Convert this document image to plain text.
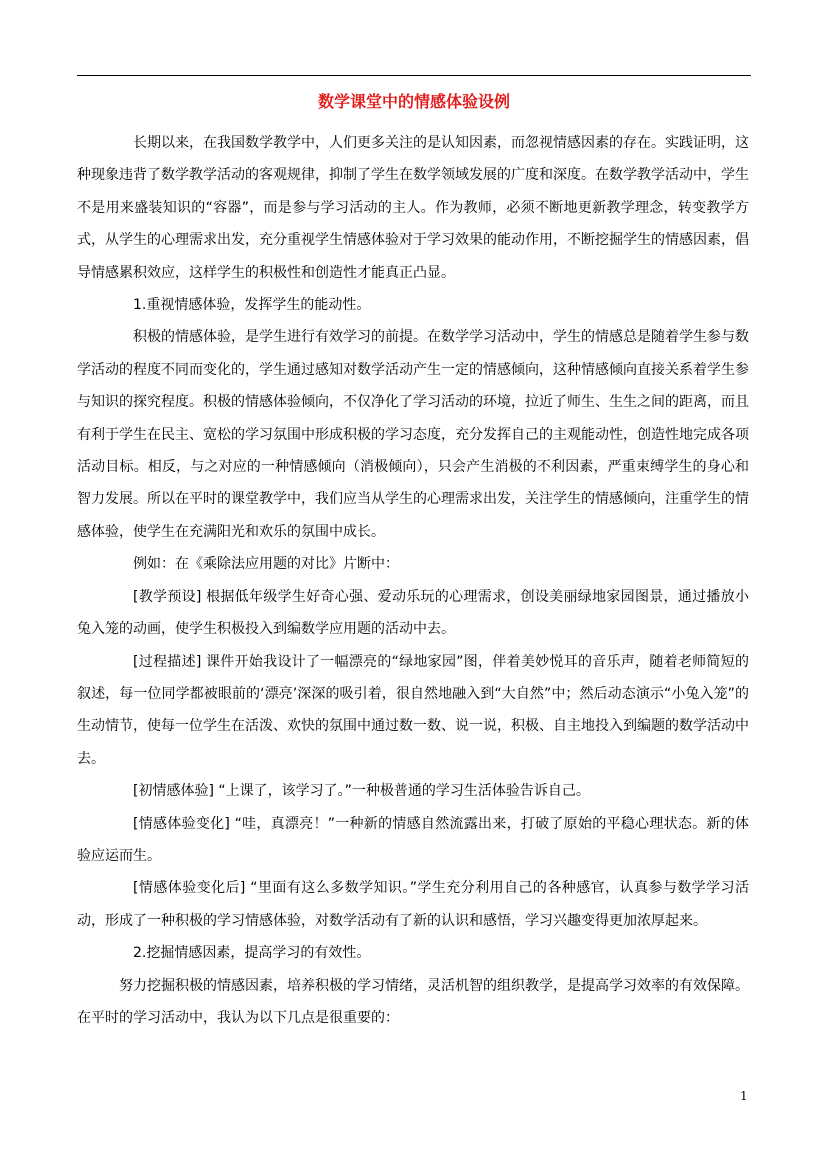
数学课堂中的情感体验设例

长期以来，在我国数学教学中，人们更多关注的是认知因素，而忽视情感因素的存在。实践证明，这种现象违背了数学教学活动的客观规律，抑制了学生在数学领域发展的广度和深度。在数学教学活动中，学生不是用来盛装知识的“容器”，而是参与学习活动的主人。作为教师，必须不断地更新教学理念，转变教学方式，从学生的心理需求出发，充分重视学生情感体验对于学习效果的能动作用，不断挖掘学生的情感因素，倡导情感累积效应，这样学生的积极性和创造性才能真正凸显。

1.重视情感体验，发挥学生的能动性。

积极的情感体验，是学生进行有效学习的前提。在数学学习活动中，学生的情感总是随着学生参与数学活动的程度不同而变化的，学生通过感知对数学活动产生一定的情感倾向，这种情感倾向直接关系着学生参与知识的探究程度。积极的情感体验倾向，不仅净化了学习活动的环境，拉近了师生、生生之间的距离，而且有利于学生在民主、宽松的学习氛围中形成积极的学习态度，充分发挥自己的主观能动性，创造性地完成各项活动目标。相反，与之对应的一种情感倾向（消极倾向），只会产生消极的不利因素，严重束缚学生的身心和智力发展。所以在平时的课堂教学中，我们应当从学生的心理需求出发，关注学生的情感倾向，注重学生的情感体验，使学生在充满阳光和欢乐的氛围中成长。

例如：在《乘除法应用题的对比》片断中：

[教学预设] 根据低年级学生好奇心强、爱动乐玩的心理需求，创设美丽绿地家园图景，通过播放小兔入笼的动画，使学生积极投入到编数学应用题的活动中去。

[过程描述] 课件开始我设计了一幅漂亮的“绿地家园”图，伴着美妙悦耳的音乐声，随着老师简短的叙述，每一位同学都被眼前的‘漂亮’深深的吸引着，很自然地融入到“大自然”中；然后动态演示“小兔入笼”的生动情节，使每一位学生在活泼、欢快的氛围中通过数一数、说一说，积极、自主地投入到编题的数学活动中去。

[初情感体验] “上课了，该学习了。”一种极普通的学习生活体验告诉自己。

[情感体验变化] “哇，真漂亮！”一种新的情感自然流露出来，打破了原始的平稳心理状态。新的体验应运而生。

[情感体验变化后] “里面有这么多数学知识。”学生充分利用自己的各种感官，认真参与数学学习活动，形成了一种积极的学习情感体验，对数学活动有了新的认识和感悟，学习兴趣变得更加浓厚起来。

2.挖掘情感因素，提高学习的有效性。

努力挖掘积极的情感因素，培养积极的学习情绪，灵活机智的组织教学，是提高学习效率的有效保障。在平时的学习活动中，我认为以下几点是很重要的：

1
